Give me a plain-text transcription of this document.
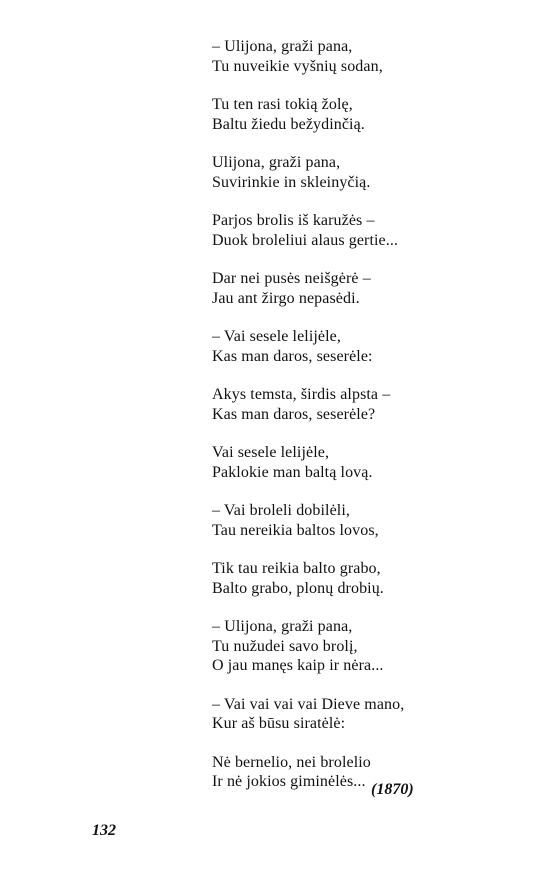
– Ulijona, graži pana,
Tu nuveikie vyšnių sodan,
Tu ten rasi tokią žolę,
Baltu žiedu bežydinčią.
Ulijona, graži pana,
Suvirinkie in skleinyčią.
Parjos brolis iš karužės –
Duok broleliui alaus gertie...
Dar nei pusės neišgėrė –
Jau ant žirgo nepasėdi.
– Vai sesele lelijėle,
Kas man daros, seserėle:
Akys temsta, širdis alpsta –
Kas man daros, seserėle?
Vai sesele lelijėle,
Paklokie man baltą lovą.
– Vai broleli dobilėli,
Tau nereikia baltos lovos,
Tik tau reikia balto grabo,
Balto grabo, plonų drobių.
– Ulijona, graži pana,
Tu nužudei savo brolį,
O jau manęs kaip ir nėra...
– Vai vai vai vai Dieve mano,
Kur aš būsu siratėlė:
Nė bernelio, nei brolelio
Ir nė jokios giminėlės... (1870)
132
